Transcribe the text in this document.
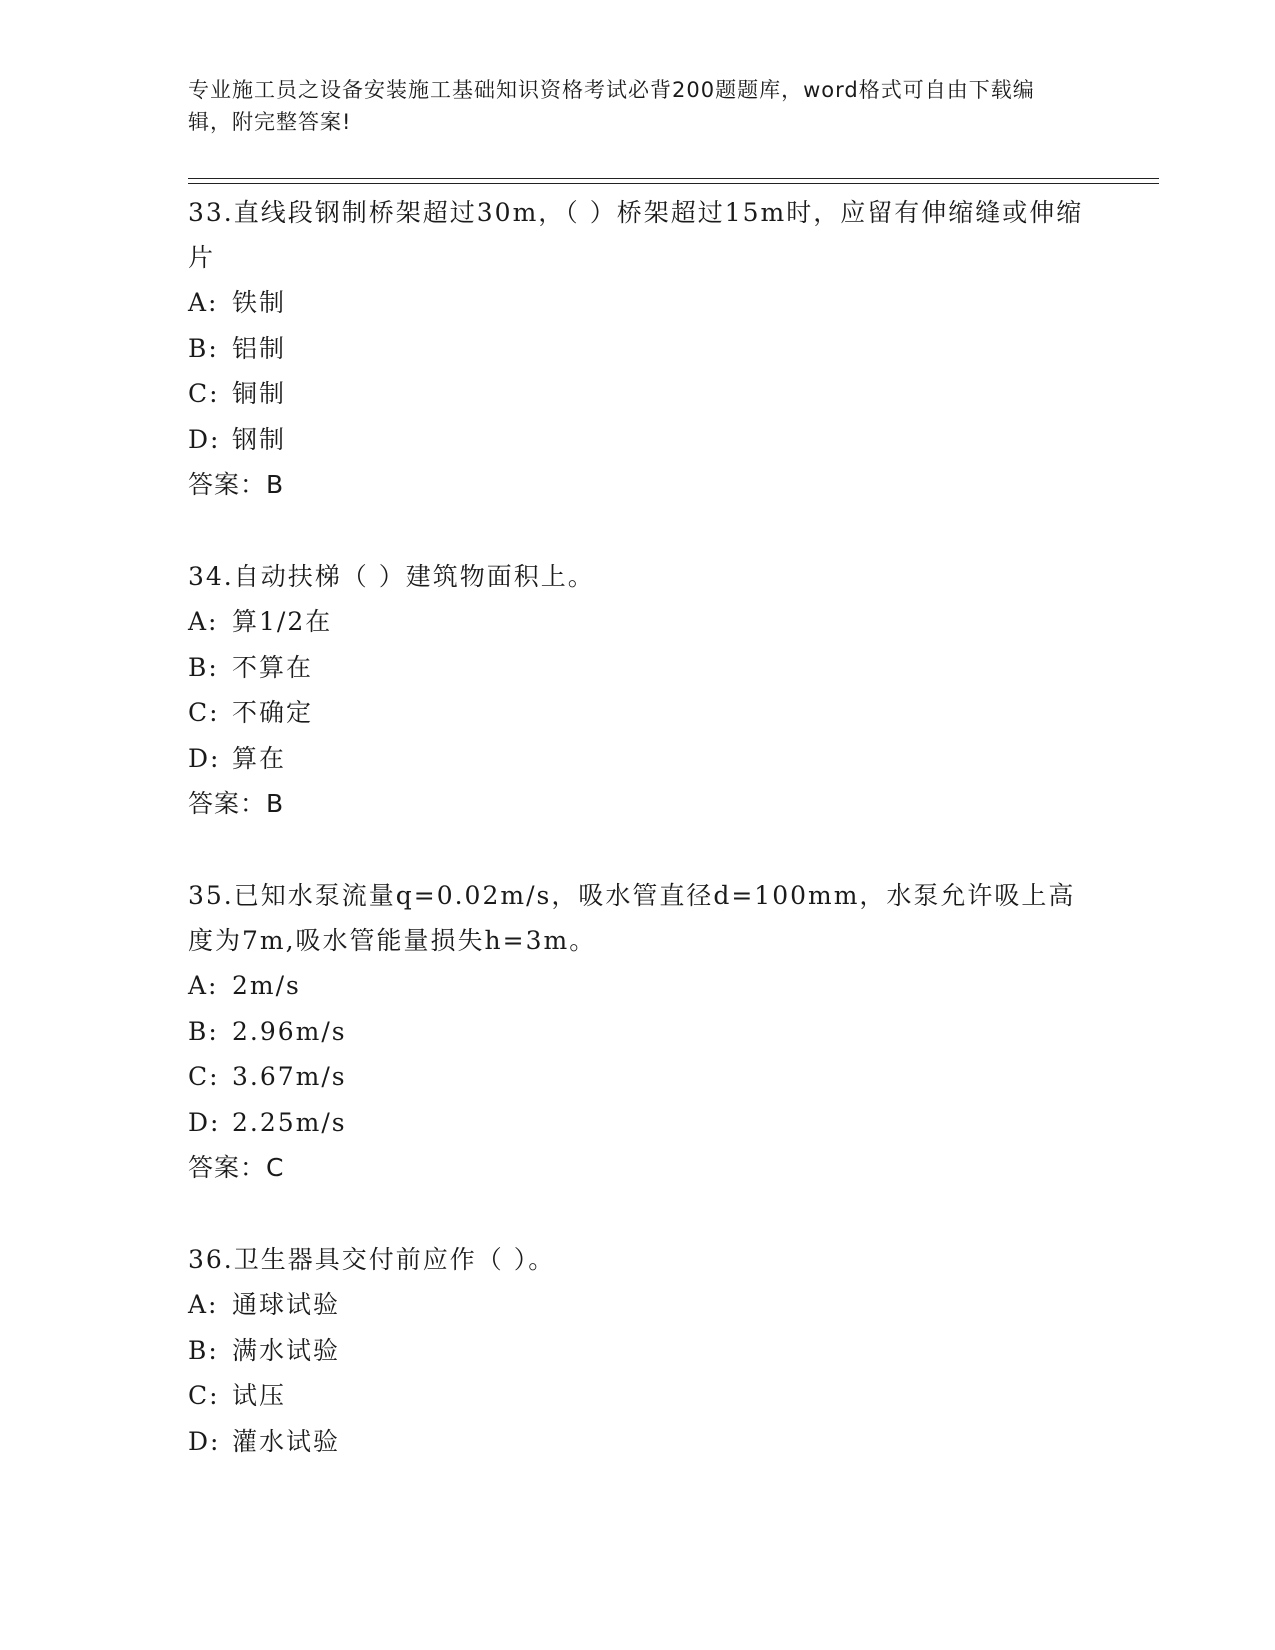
专业施工员之设备安装施工基础知识资格考试必背200题题库，word格式可自由下载编辑，附完整答案!
33.直线段钢制桥架超过30m，（ ）桥架超过15m时，应留有伸缩缝或伸缩片
A: 铁制
B: 铝制
C: 铜制
D: 钢制
答案：B
34.自动扶梯（ ）建筑物面积上。
A: 算1/2在
B: 不算在
C: 不确定
D: 算在
答案：B
35.已知水泵流量q=0.02m/s，吸水管直径d=100mm，水泵允许吸上高度为7m,吸水管能量损失h=3m。
A: 2m/s
B: 2.96m/s
C: 3.67m/s
D: 2.25m/s
答案：C
36.卫生器具交付前应作（ ）。
A: 通球试验
B: 满水试验
C: 试压
D: 灌水试验
